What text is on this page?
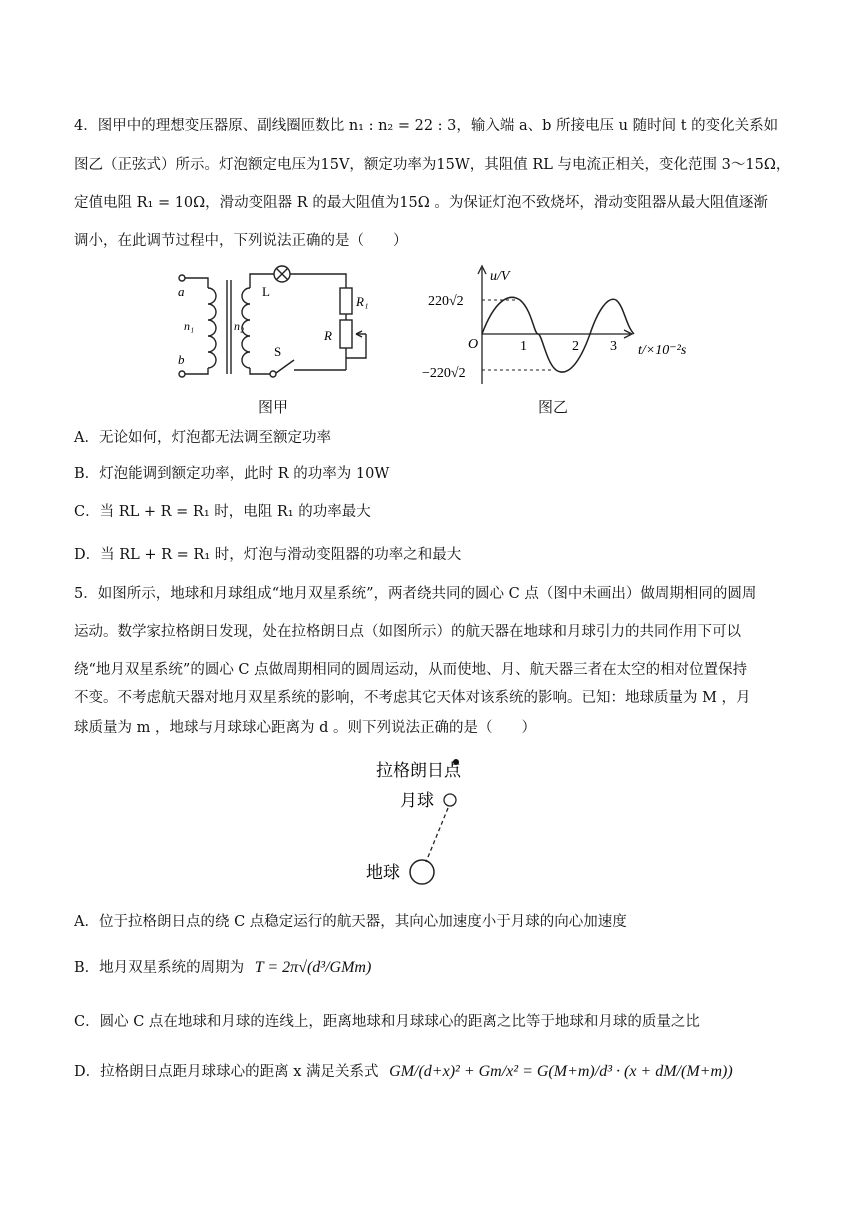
4．图甲中的理想变压器原、副线圈匝数比 n₁ : n₂ = 22 : 3，输入端 a、b 所接电压 u 随时间 t 的变化关系如
图乙（正弦式）所示。灯泡额定电压为15V，额定功率为15W，其阻值 RL 与电流正相关，变化范围 3～15Ω，
定值电阻 R₁ = 10Ω，滑动变阻器 R 的最大阻值为15Ω 。为保证灯泡不致烧坏，滑动变阻器从最大阻值逐渐
调小，在此调节过程中，下列说法正确的是（　　）
a
b
n₁	n₂
L
R₁
R
S
图甲
u/V
220√2
−220√2
O	1	2 3 t/×10⁻²s
图乙
A．无论如何，灯泡都无法调至额定功率
B．灯泡能调到额定功率，此时 R 的功率为 10W
C．当 RL + R = R₁ 时，电阻 R₁ 的功率最大
D．当 RL + R = R₁ 时，灯泡与滑动变阻器的功率之和最大
5．如图所示，地球和月球组成“地月双星系统”，两者绕共同的圆心 C 点（图中未画出）做周期相同的圆周
运动。数学家拉格朗日发现，处在拉格朗日点（如图所示）的航天器在地球和月球引力的共同作用下可以
绕“地月双星系统”的圆心 C 点做周期相同的圆周运动，从而使地、月、航天器三者在太空的相对位置保持
不变。不考虑航天器对地月双星系统的影响，不考虑其它天体对该系统的影响。已知：地球质量为 M ，月
球质量为 m ，地球与月球球心距离为 d 。则下列说法正确的是（　　）
拉格朗日点
月球
地球
A．位于拉格朗日点的绕 C 点稳定运行的航天器，其向心加速度小于月球的向心加速度
B．地月双星系统的周期为 T = 2π√(d³/GMm)
C．圆心 C 点在地球和月球的连线上，距离地球和月球球心的距离之比等于地球和月球的质量之比
D．拉格朗日点距月球球心的距离 x 满足关系式 GM/(d+x)² + Gm/x² = G(M+m)/d³ · (x + dM/(M+m))
